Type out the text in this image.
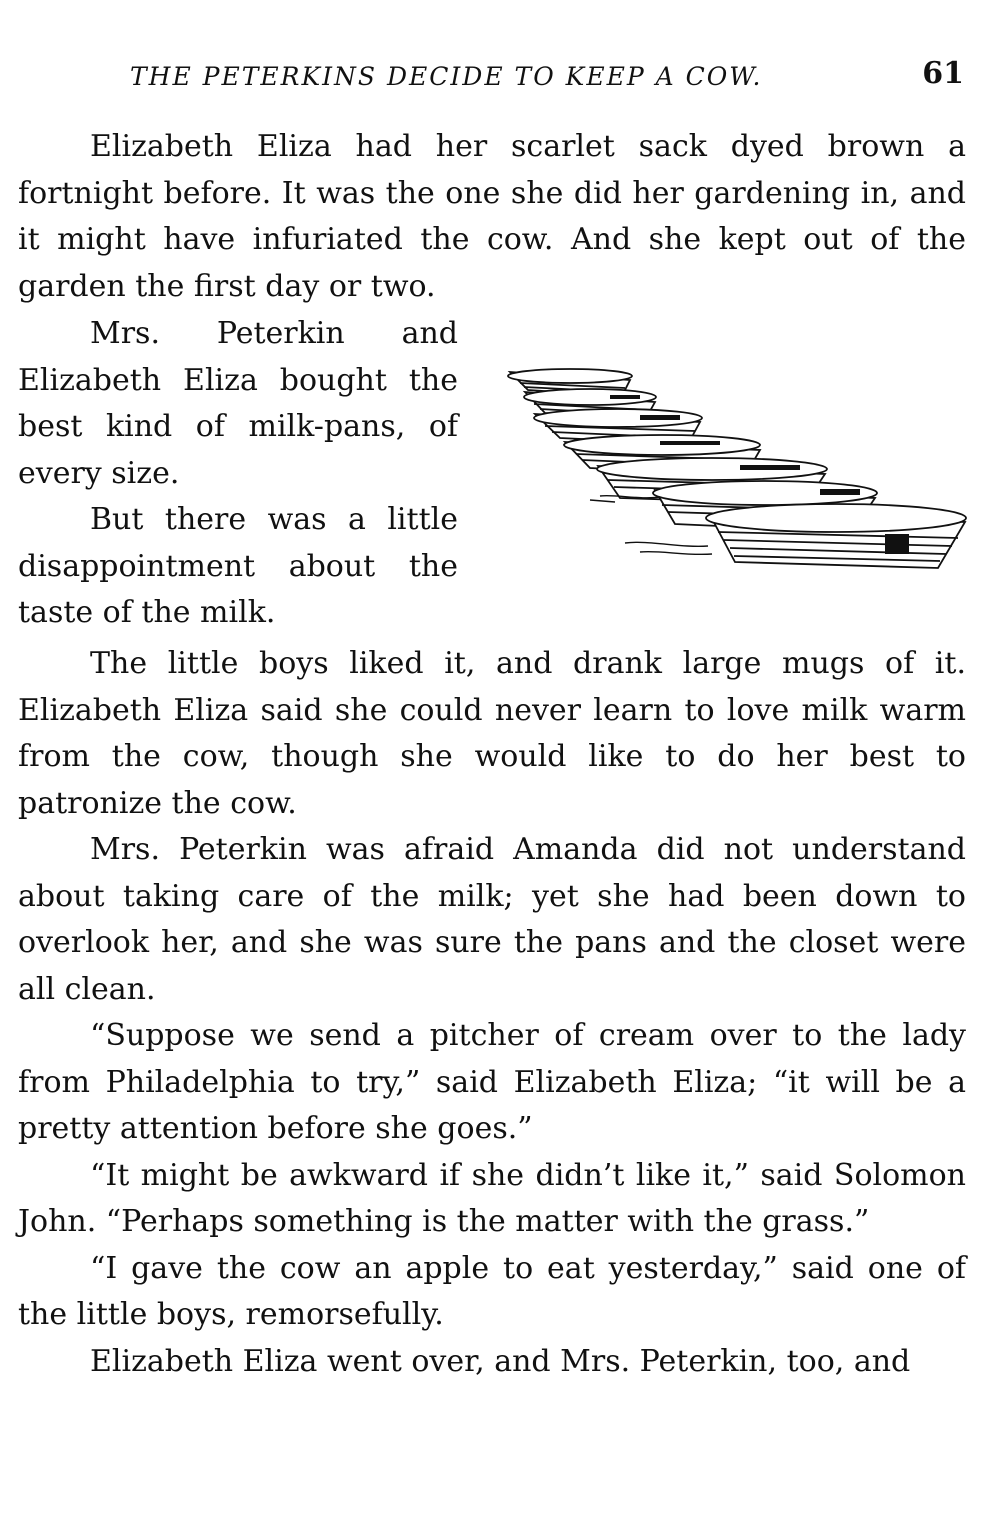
THE PETERKINS DECIDE TO KEEP A COW.	61

Elizabeth Eliza had her scarlet sack dyed brown a fortnight before. It was the one she did her gardening in, and it might have infuriated the cow. And she kept out of the garden the first day or two.

Mrs. Peterkin and Elizabeth Eliza bought the best kind of milk-pans, of every size.

But there was a little disappointment about the taste of the milk.

The little boys liked it, and drank large mugs of it. Elizabeth Eliza said she could never learn to love milk warm from the cow, though she would like to do her best to patronize the cow.

Mrs. Peterkin was afraid Amanda did not understand about taking care of the milk; yet she had been down to overlook her, and she was sure the pans and the closet were all clean.

“Suppose we send a pitcher of cream over to the lady from Philadelphia to try,” said Elizabeth Eliza; “it will be a pretty attention before she goes.”

“It might be awkward if she didn’t like it,” said Solomon John. “Perhaps something is the matter with the grass.”

“I gave the cow an apple to eat yesterday,” said one of the little boys, remorsefully.

Elizabeth Eliza went over, and Mrs. Peterkin, too, and
